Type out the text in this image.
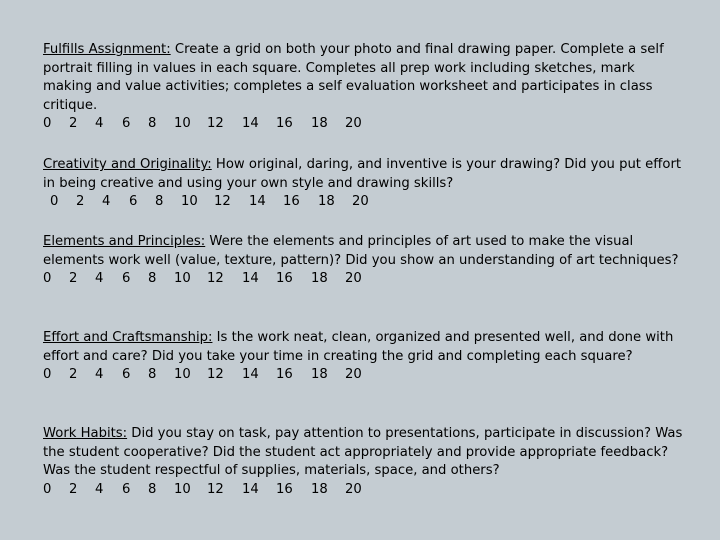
Fulfills Assignment: Create a grid on both your photo and final drawing paper. Complete a self portrait filling in values in each square. Completes all prep work including sketches, mark making and value activities; completes a self evaluation worksheet and participates in class critique.
0 2 4 6 8 10 12 14 16 18 20
Creativity and Originality: How original, daring, and inventive is your drawing? Did you put effort in being creative and using your own style and drawing skills?
0 2 4 6 8 10 12 14 16 18 20
Elements and Principles: Were the elements and principles of art used to make the visual elements work well (value, texture, pattern)? Did you show an understanding of art techniques?
0 2 4 6 8 10 12 14 16 18 20
Effort and Craftsmanship: Is the work neat, clean, organized and presented well, and done with effort and care? Did you take your time in creating the grid and completing each square?
0 2 4 6 8 10 12 14 16 18 20
Work Habits: Did you stay on task, pay attention to presentations, participate in discussion? Was the student cooperative? Did the student act appropriately and provide appropriate feedback? Was the student respectful of supplies, materials, space, and others?
0 2 4 6 8 10 12 14 16 18 20
